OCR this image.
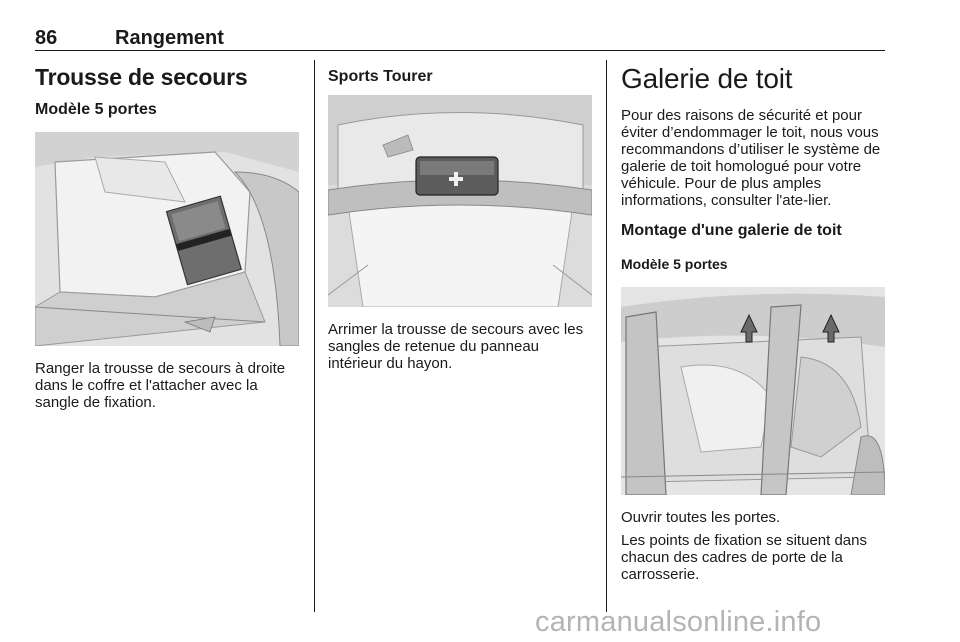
86	Rangement
Trousse de secours
Modèle 5 portes

Ranger la trousse de secours à droite dans le coffre et l'attacher avec la sangle de fixation.

Sports Tourer

Arrimer la trousse de secours avec les sangles de retenue du panneau intérieur du hayon.

Galerie de toit

Pour des raisons de sécurité et pour éviter d’endommager le toit, nous vous recommandons d’utiliser le système de galerie de toit homologué pour votre véhicule. Pour de plus amples informations, consulter l'ate-lier.

Montage d'une galerie de toit
Modèle 5 portes

Ouvrir toutes les portes.

Les points de fixation se situent dans chacun des cadres de porte de la carrosserie.

carmanualsonline.info
